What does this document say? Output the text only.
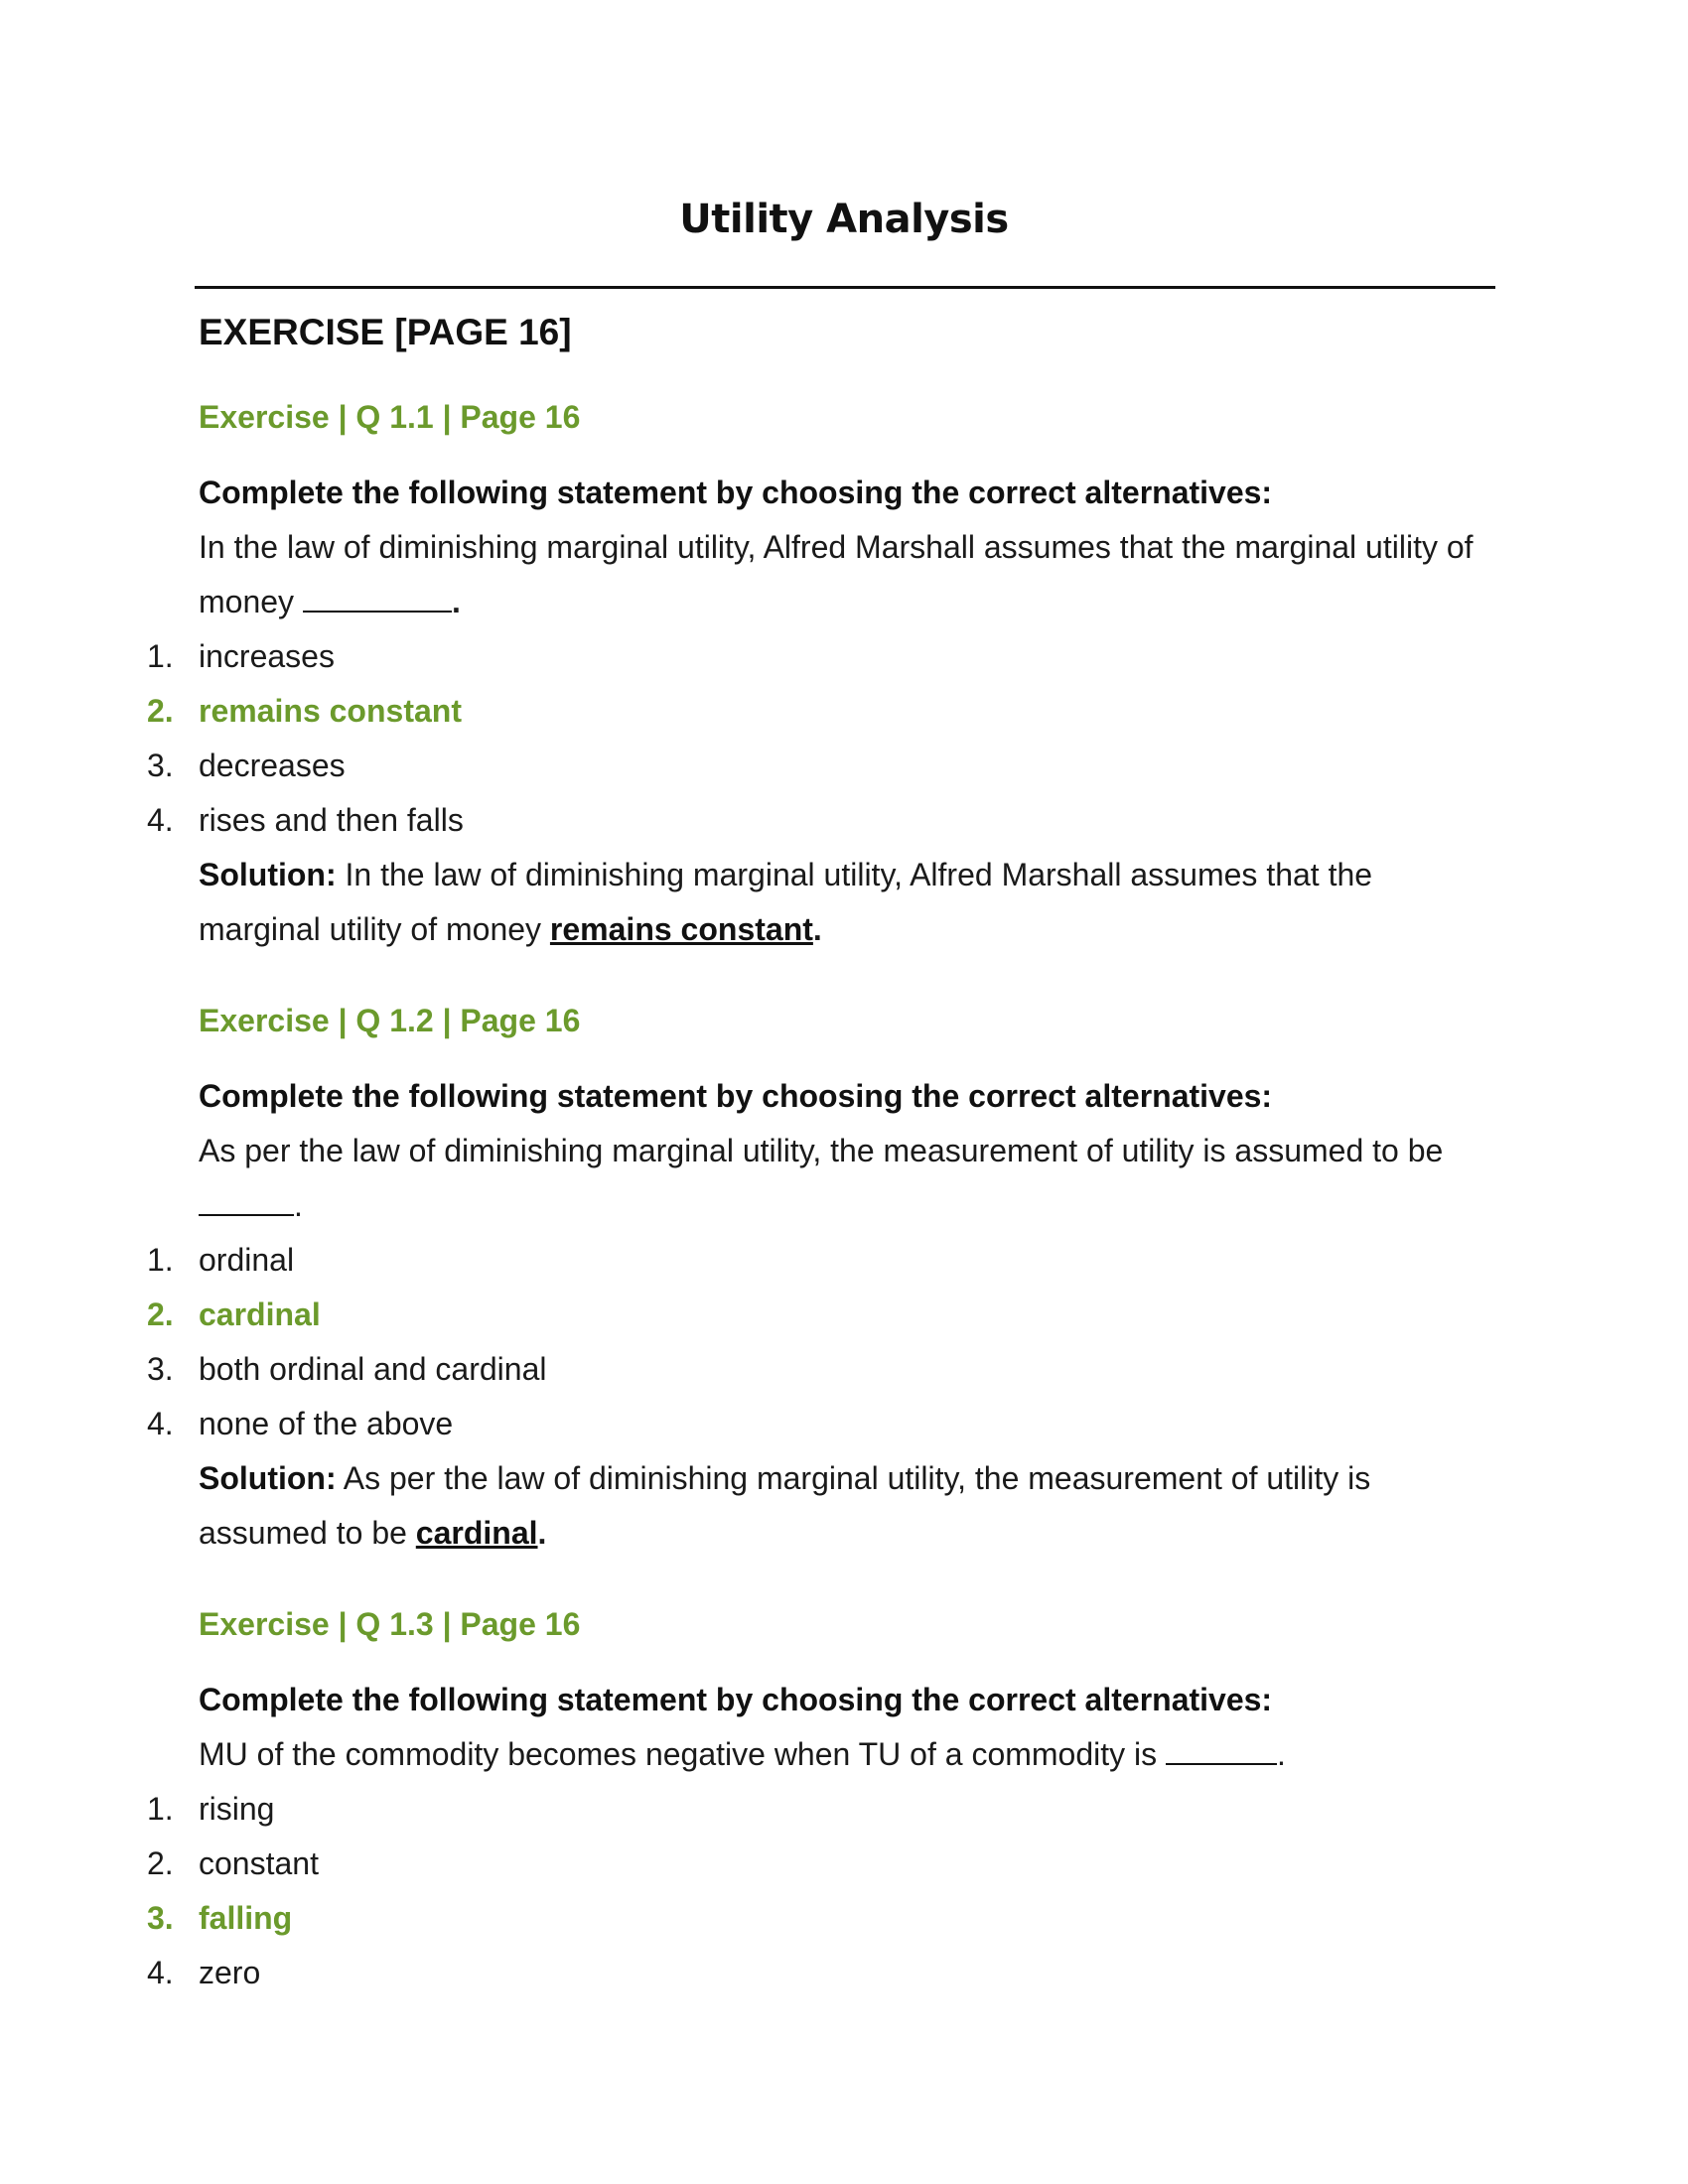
Utility Analysis
EXERCISE [PAGE 16]
Exercise | Q 1.1 | Page 16
Complete the following statement by choosing the correct alternatives:
In the law of diminishing marginal utility, Alfred Marshall assumes that the marginal utility of money	.
1. increases
2. remains constant
3. decreases
4. rises and then falls
Solution: In the law of diminishing marginal utility, Alfred Marshall assumes that the marginal utility of money remains constant.
Exercise | Q 1.2 | Page 16
Complete the following statement by choosing the correct alternatives:
As per the law of diminishing marginal utility, the measurement of utility is assumed to be .
1. ordinal
2. cardinal
3. both ordinal and cardinal
4. none of the above
Solution: As per the law of diminishing marginal utility, the measurement of utility is assumed to be cardinal.
Exercise | Q 1.3 | Page 16
Complete the following statement by choosing the correct alternatives:
MU of the commodity becomes negative when TU of a commodity is	.
1. rising
2. constant
3. falling
4. zero
